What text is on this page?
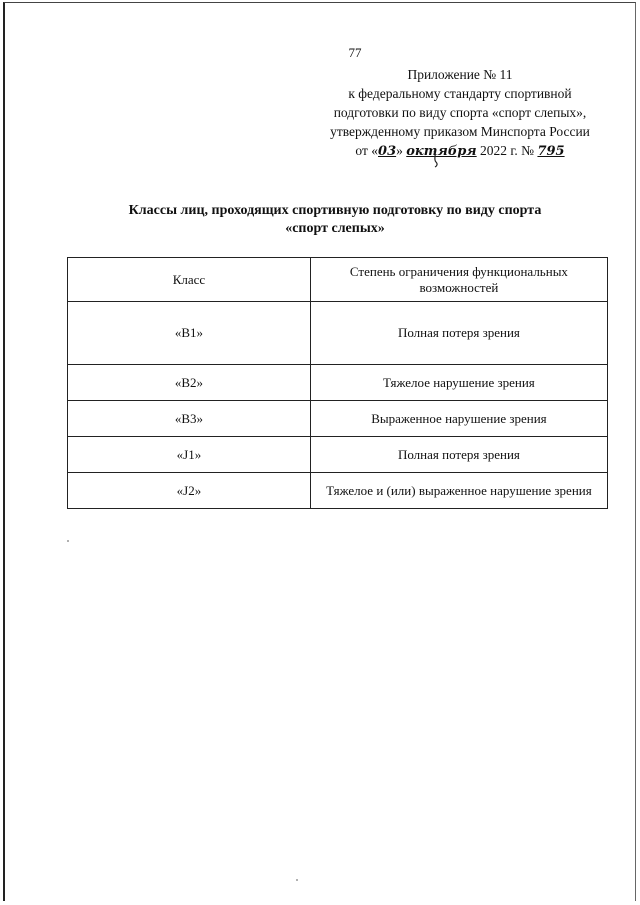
77
Приложение № 11
к федеральному стандарту спортивной
подготовки по виду спорта «спорт слепых»,
утвержденному приказом Минспорта России
от «03» октября 2022 г. № 795
Классы лиц, проходящих спортивную подготовку по виду спорта
«спорт слепых»
Класс	Степень ограничения функциональных возможностей
«B1»	Полная потеря зрения
«B2»	Тяжелое нарушение зрения
«B3»	Выраженное нарушение зрения
«J1»	Полная потеря зрения
«J2»	Тяжелое и (или) выраженное нарушение зрения
